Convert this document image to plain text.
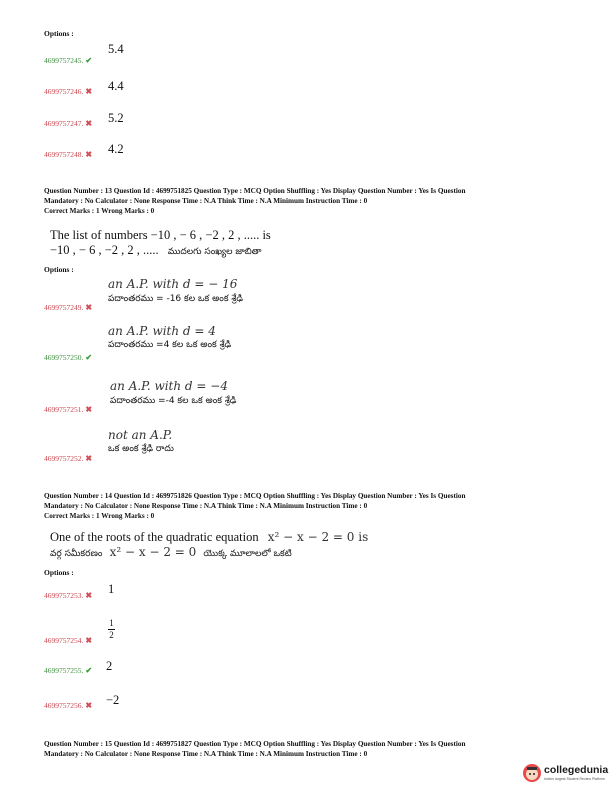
Options :
5.4
4699757245. ✔
4.4
4699757246. ✖
5.2
4699757247. ✖
4.2
4699757248. ✖
Question Number : 13 Question Id : 4699751825 Question Type : MCQ Option Shuffling : Yes Display Question Number : Yes Is Question
Mandatory : No Calculator : None Response Time : N.A Think Time : N.A Minimum Instruction Time : 0
Correct Marks : 1 Wrong Marks : 0
The list of numbers −10 , − 6 , −2 , 2 , ..... is
−10 , − 6 , −2 , 2 , ..... ముదలగు సంఖ్యల జాబితా
Options :
an A.P. with d = − 16
పదాంతరము = -16 కల ఒక అంక శ్రేఢి
4699757249. ✖
an A.P. with d = 4
పదాంతరము =4 కల ఒక అంక శ్రేఢి
4699757250. ✔
an A.P. with d = −4
పదాంతరము =-4 కల ఒక అంక శ్రేఢి
4699757251. ✖
not an A.P.
ఒక అంక శ్రేఢి రాదు
4699757252. ✖
Question Number : 14 Question Id : 4699751826 Question Type : MCQ Option Shuffling : Yes Display Question Number : Yes Is Question
Mandatory : No Calculator : None Response Time : N.A Think Time : N.A Minimum Instruction Time : 0
Correct Marks : 1 Wrong Marks : 0
One of the roots of the quadratic equation x² − x − 2 = 0 is
వర్గ సమీకరణం x² − x − 2 = 0 యొక్క మూలాలలో ఒకటి
Options :
1
4699757253. ✖
$\frac{1}{2}$
4699757254. ✖
2
4699757255. ✔
−2
4699757256. ✖
Question Number : 15 Question Id : 4699751827 Question Type : MCQ Option Shuffling : Yes Display Question Number : Yes Is Question
Mandatory : No Calculator : None Response Time : N.A Think Time : N.A Minimum Instruction Time : 0
collegedunia
India's largest Student Review Platform
